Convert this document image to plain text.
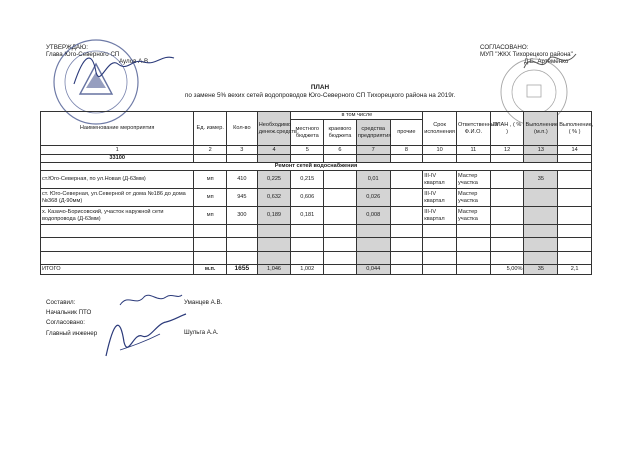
УТВЕРЖДАЮ:
Глава Юго-Северного СП
Аулов А.В.
СОГЛАСОВАНО:
МУП "ЖКХ Тихорецкого района"
Д.Б. Артеменко
ПЛАН
по замене 5% вехих сетей водопроводов Юго-Северного СП Тихорецкого района на 2019г.
Наименование мероприятия	Ед. измер.	Кол-во	Необходимо денеж.средств	в том числе				Срок исполнения	Ответственный Ф.И.О.	ПЛАН , ( % )	Выполнение (м.п.)	Выполнение, ( % )
				местного бюджета	краевого бюджета	средства предприятия	прочие					
1	2	3	4	5	6	7	8	10	11	12	13	14
33100												
Ремонт сетей водоснабжения												
ст.Юго-Северная, по ул.Новая (Д-63мм)	мп	410	0,225	0,215		0,01		III-IV квартал	Мастер участка		35	
ст. Юго-Северная, ул.Северной от дома №186 до дома №368 (Д-90мм)	мп	945	0,632	0,606		0,026		III-IV квартал	Мастер участка			
х. Казачо-Борисовский, участок наружной сети водопровода (Д-63мм)	мп	300	0,189	0,181		0,008		III-IV квартал	Мастер участка			

ИТОГО	м.п.	1655	1,046	1,002		0,044				5,00%	35	2,1
Составил:
Начальник ПТО
Согласовано:
Главный инженер
Уманцев А.В.
Шульга А.А.
